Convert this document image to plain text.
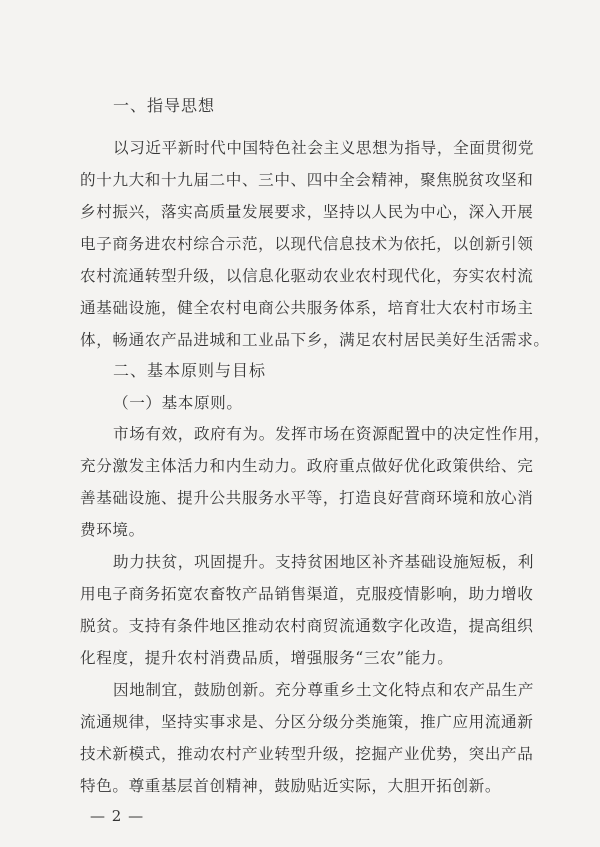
一、指导思想
以习近平新时代中国特色社会主义思想为指导，全面贯彻党
的十九大和十九届二中、三中、四中全会精神，聚焦脱贫攻坚和
乡村振兴，落实高质量发展要求，坚持以人民为中心，深入开展
电子商务进农村综合示范，以现代信息技术为依托，以创新引领
农村流通转型升级，以信息化驱动农业农村现代化，夯实农村流
通基础设施，健全农村电商公共服务体系，培育壮大农村市场主
体，畅通农产品进城和工业品下乡，满足农村居民美好生活需求。
二、基本原则与目标
（一）基本原则。
市场有效，政府有为。发挥市场在资源配置中的决定性作用，
充分激发主体活力和内生动力。政府重点做好优化政策供给、完
善基础设施、提升公共服务水平等，打造良好营商环境和放心消
费环境。
助力扶贫，巩固提升。支持贫困地区补齐基础设施短板，利
用电子商务拓宽农畜牧产品销售渠道，克服疫情影响，助力增收
脱贫。支持有条件地区推动农村商贸流通数字化改造，提高组织
化程度，提升农村消费品质，增强服务“三农”能力。
因地制宜，鼓励创新。充分尊重乡土文化特点和农产品生产
流通规律，坚持实事求是、分区分级分类施策，推广应用流通新
技术新模式，推动农村产业转型升级，挖掘产业优势，突出产品
特色。尊重基层首创精神，鼓励贴近实际，大胆开拓创新。
— 2 —
